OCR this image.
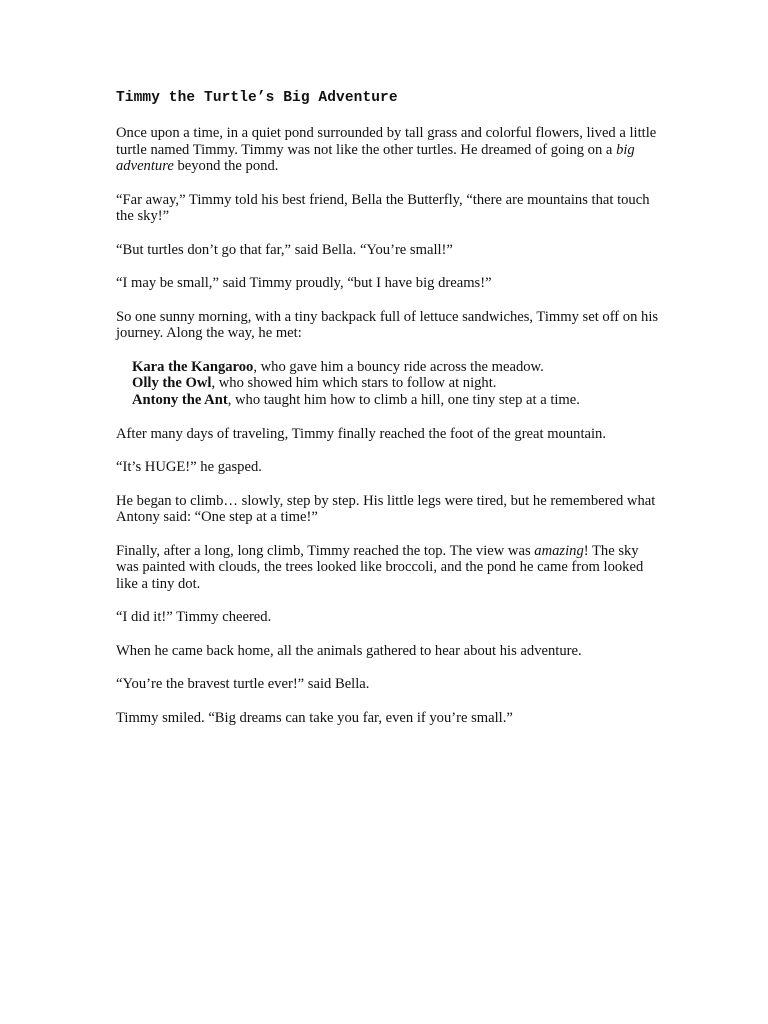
Timmy the Turtle’s Big Adventure

Once upon a time, in a quiet pond surrounded by tall grass and colorful flowers, lived a little turtle named Timmy. Timmy was not like the other turtles. He dreamed of going on a big adventure beyond the pond.

“Far away,” Timmy told his best friend, Bella the Butterfly, “there are mountains that touch the sky!”

“But turtles don’t go that far,” said Bella. “You’re small!”

“I may be small,” said Timmy proudly, “but I have big dreams!”

So one sunny morning, with a tiny backpack full of lettuce sandwiches, Timmy set off on his journey. Along the way, he met:

Kara the Kangaroo, who gave him a bouncy ride across the meadow.
Olly the Owl, who showed him which stars to follow at night.
Antony the Ant, who taught him how to climb a hill, one tiny step at a time.

After many days of traveling, Timmy finally reached the foot of the great mountain.

“It’s HUGE!” he gasped.

He began to climb… slowly, step by step. His little legs were tired, but he remembered what Antony said: “One step at a time!”

Finally, after a long, long climb, Timmy reached the top. The view was amazing! The sky was painted with clouds, the trees looked like broccoli, and the pond he came from looked like a tiny dot.

“I did it!” Timmy cheered.

When he came back home, all the animals gathered to hear about his adventure.

“You’re the bravest turtle ever!” said Bella.

Timmy smiled. “Big dreams can take you far, even if you’re small.”
